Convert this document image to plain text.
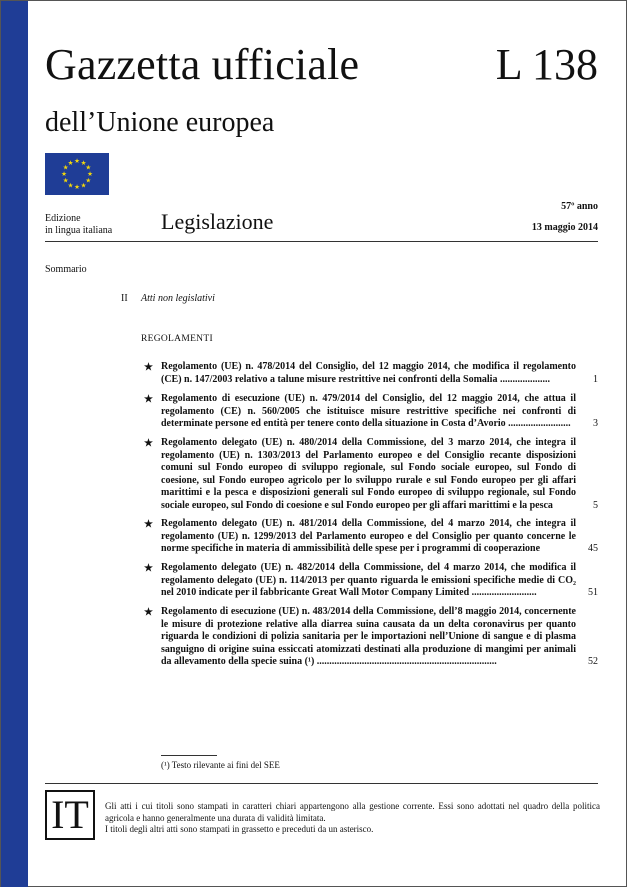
Gazzetta ufficiale	L 138
dell’Unione europea
★ ★
★
★
★
★
★
★
★
★
★
★
Edizione
in lingua italiana Legislazione
57º anno
13 maggio 2014
Sommario
II Atti non legislativi
REGOLAMENTI
★ Regolamento (UE) n. 478/2014 del Consiglio, del 12 maggio 2014, che modifica il regolamento (CE) n. 147/2003 relativo a talune misure restrittive nei confronti della Somalia ....................	1
★ Regolamento di esecuzione (UE) n. 479/2014 del Consiglio, del 12 maggio 2014, che attua il regolamento (CE) n. 560/2005 che istituisce misure restrittive specifiche nei confronti di determinate persone ed entità per tenere conto della situazione in Costa d’Avorio .........................	3
★ Regolamento delegato (UE) n. 480/2014 della Commissione, del 3 marzo 2014, che integra il regolamento (UE) n. 1303/2013 del Parlamento europeo e del Consiglio recante disposizioni comuni sul Fondo europeo di sviluppo regionale, sul Fondo sociale europeo, sul Fondo di coesione, sul Fondo europeo agricolo per lo sviluppo rurale e sul Fondo europeo per gli affari marittimi e la pesca e disposizioni generali sul Fondo europeo di sviluppo regionale, sul Fondo sociale europeo, sul Fondo di coesione e sul Fondo europeo per gli affari marittimi e la pesca	5
★ Regolamento delegato (UE) n. 481/2014 della Commissione, del 4 marzo 2014, che integra il regolamento (UE) n. 1299/2013 del Parlamento europeo e del Consiglio per quanto concerne le norme specifiche in materia di ammissibilità delle spese per i programmi di cooperazione	45
★ Regolamento delegato (UE) n. 482/2014 della Commissione, del 4 marzo 2014, che modifica il regolamento delegato (UE) n. 114/2013 per quanto riguarda le emissioni specifiche medie di CO₂ nel 2010 indicate per il fabbricante Great Wall Motor Company Limited ..........................	51
★ Regolamento di esecuzione (UE) n. 483/2014 della Commissione, dell’8 maggio 2014, concernente le misure di protezione relative alla diarrea suina causata da un delta coronavirus per quanto riguarda le condizioni di polizia sanitaria per le importazioni nell’Unione di sangue e di plasma sanguigno di origine suina essiccati atomizzati destinati alla produzione di mangimi per animali da allevamento della specie suina (¹) ........................................................................	52
(¹) Testo rilevante ai fini del SEE
IT	Gli atti i cui titoli sono stampati in caratteri chiari appartengono alla gestione corrente. Essi sono adottati nel quadro della politica agricola e hanno generalmente una durata di validità limitata.
I titoli degli altri atti sono stampati in grassetto e preceduti da un asterisco.
